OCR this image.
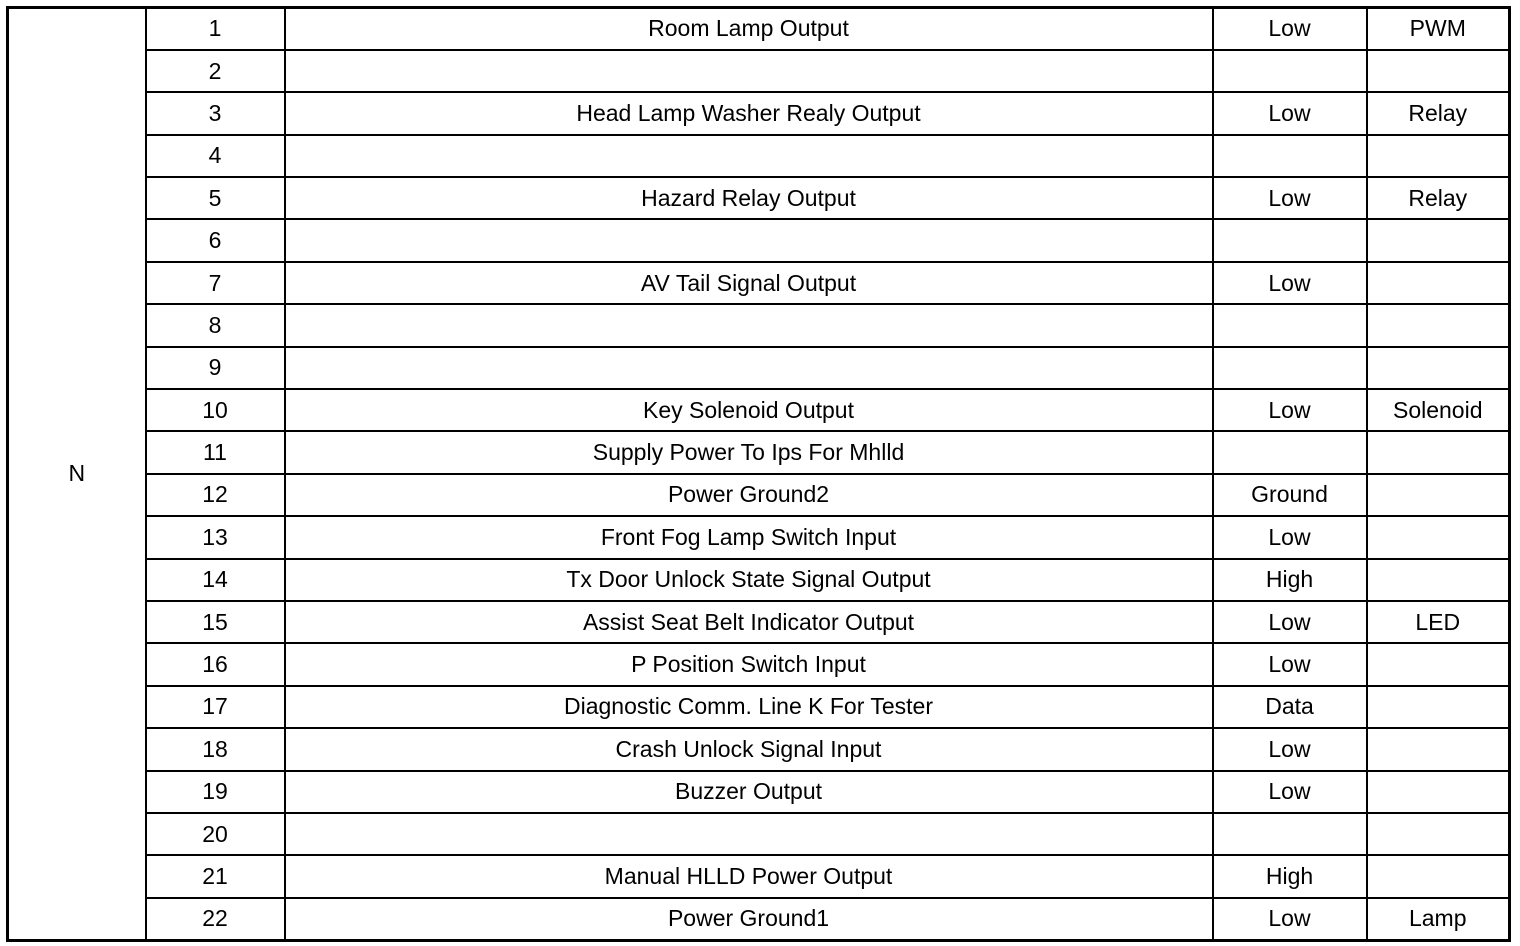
N	1	Room Lamp Output	Low	PWM
	2			
	3	Head Lamp Washer Realy Output	Low	Relay
	4			
	5	Hazard Relay Output	Low	Relay
	6			
	7	AV Tail Signal Output	Low	
	8			
	9			
	10	Key Solenoid Output	Low	Solenoid
	11	Supply Power To Ips For Mhlld		
	12	Power Ground2	Ground	
	13	Front Fog Lamp Switch Input	Low	
	14	Tx Door Unlock State Signal Output	High	
	15	Assist Seat Belt Indicator Output	Low	LED
	16	P Position Switch Input	Low	
	17	Diagnostic Comm. Line K For Tester	Data	
	18	Crash Unlock Signal Input	Low	
	19	Buzzer Output	Low	
	20			
	21	Manual HLLD Power Output	High	
	22	Power Ground1	Low	Lamp
